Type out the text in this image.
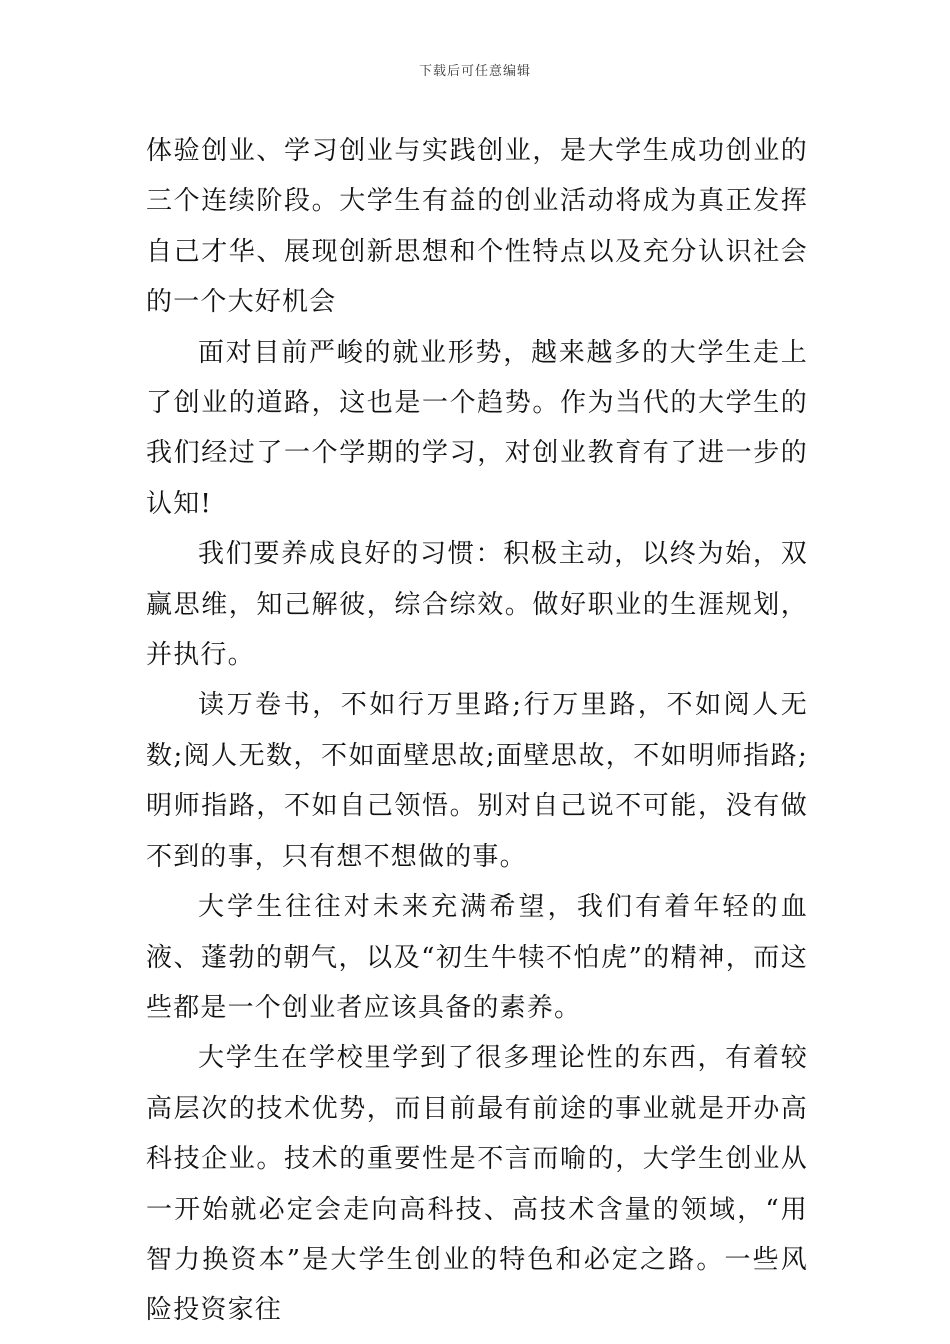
下载后可任意编辑

体验创业、学习创业与实践创业，是大学生成功创业的三个连续阶段。大学生有益的创业活动将成为真正发挥自己才华、展现创新思想和个性特点以及充分认识社会的一个大好机会

面对目前严峻的就业形势，越来越多的大学生走上了创业的道路，这也是一个趋势。作为当代的大学生的我们经过了一个学期的学习，对创业教育有了进一步的认知!

我们要养成良好的习惯：积极主动，以终为始，双赢思维，知己解彼，综合综效。做好职业的生涯规划，并执行。

读万卷书，不如行万里路;行万里路，不如阅人无数;阅人无数，不如面壁思故;面壁思故，不如明师指路;明师指路，不如自己领悟。别对自己说不可能，没有做不到的事，只有想不想做的事。

大学生往往对未来充满希望，我们有着年轻的血液、蓬勃的朝气，以及“初生牛犊不怕虎”的精神，而这些都是一个创业者应该具备的素养。

大学生在学校里学到了很多理论性的东西，有着较高层次的技术优势，而目前最有前途的事业就是开办高科技企业。技术的重要性是不言而喻的，大学生创业从一开始就必定会走向高科技、高技术含量的领域，“用智力换资本”是大学生创业的特色和必定之路。一些风险投资家往
